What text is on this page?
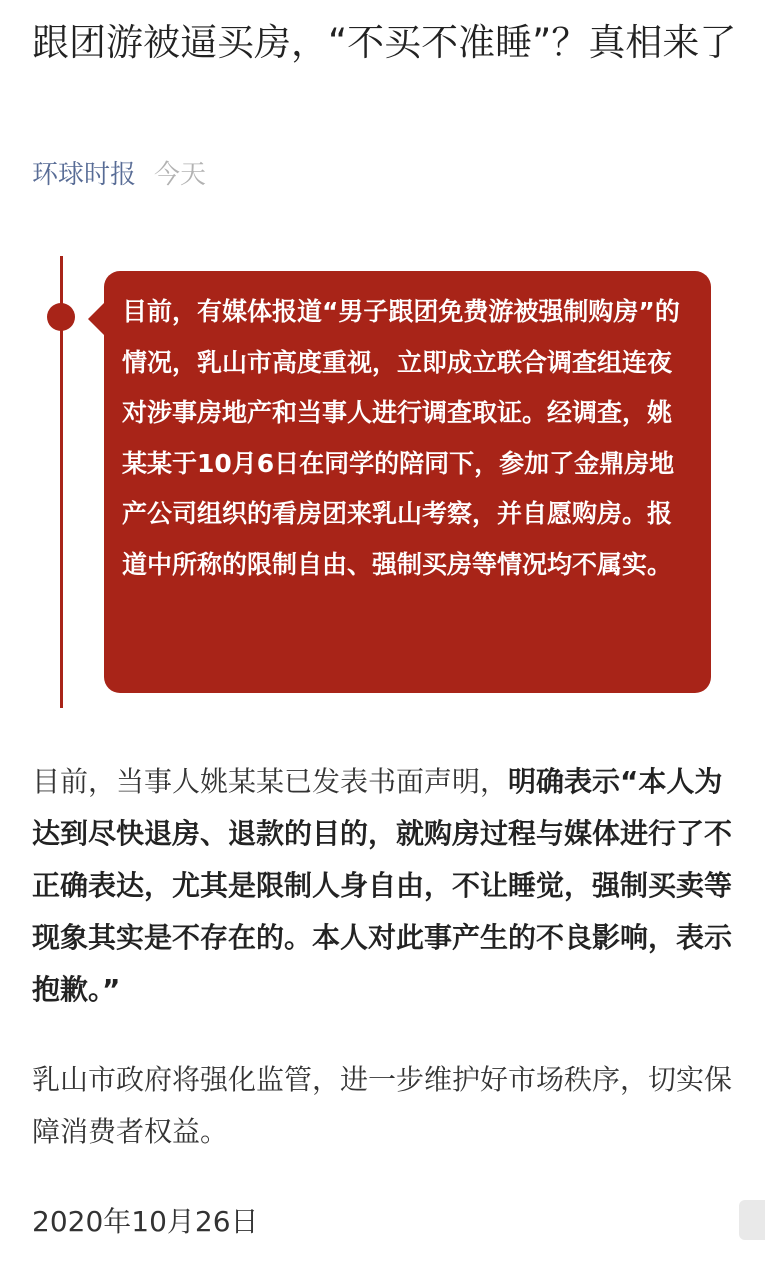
跟团游被逼买房，“不买不准睡”？真相来了
环球时报 今天
目前，有媒体报道“男子跟团免费游被强制购房”的情况，乳山市高度重视，立即成立联合调查组连夜对涉事房地产和当事人进行调查取证。经调查，姚某某于10月6日在同学的陪同下，参加了金鼎房地产公司组织的看房团来乳山考察，并自愿购房。报道中所称的限制自由、强制买房等情况均不属实。

目前，当事人姚某某已发表书面声明，明确表示“本人为达到尽快退房、退款的目的，就购房过程与媒体进行了不正确表达，尤其是限制人身自由，不让睡觉，强制买卖等现象其实是不存在的。本人对此事产生的不良影响，表示抱歉。”

乳山市政府将强化监管，进一步维护好市场秩序，切实保障消费者权益。

2020年10月26日
